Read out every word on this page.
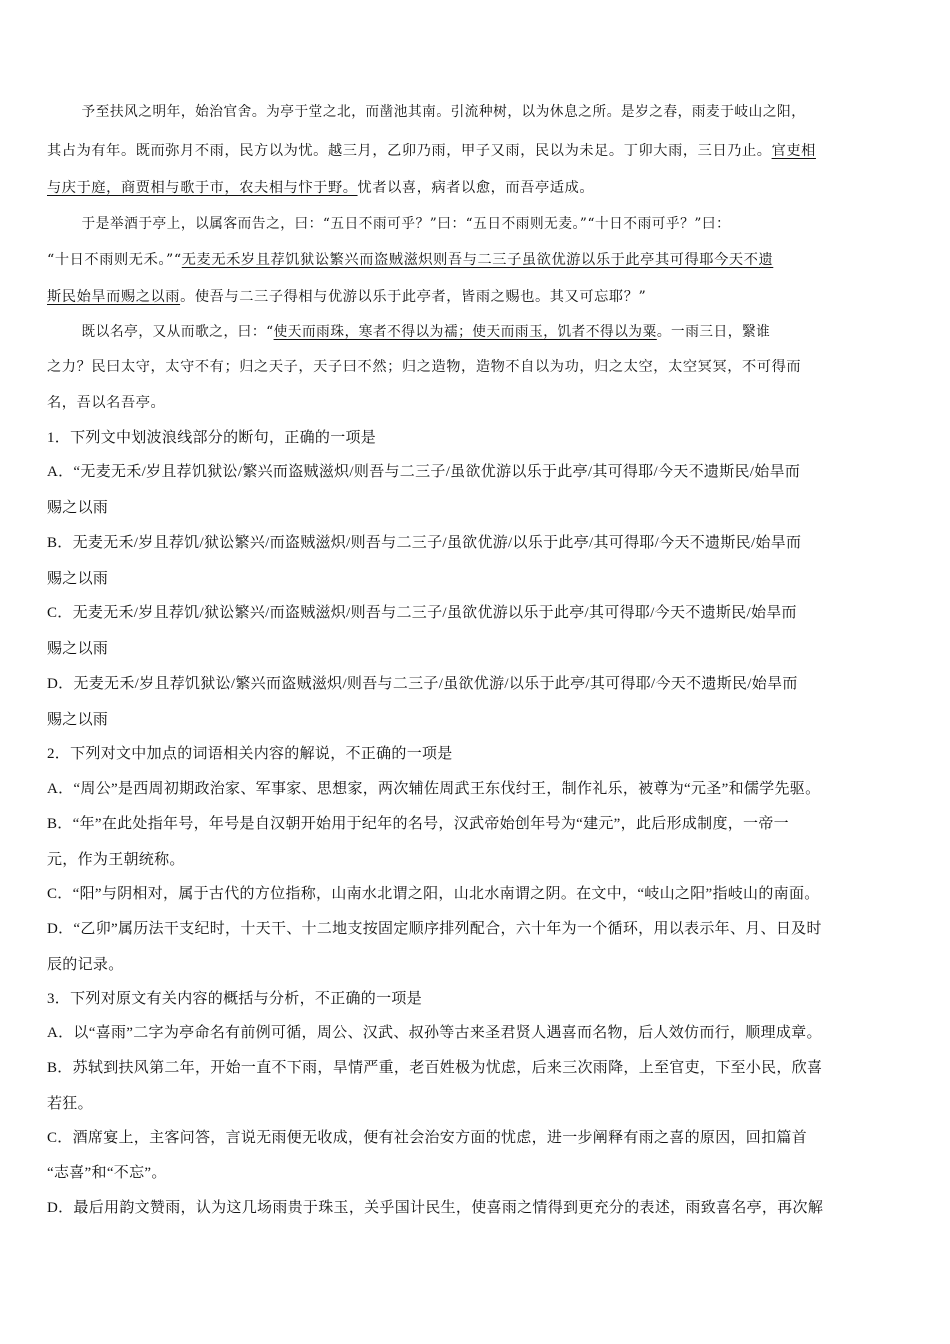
予至扶风之明年，始治官舍。为亭于堂之北，而凿池其南。引流种树，以为休息之所。是岁之春，雨麦于岐山之阳，
其占为有年。既而弥月不雨，民方以为忧。越三月，乙卯乃雨，甲子又雨，民以为未足。丁卯大雨，三日乃止。官吏相
与庆于庭，商贾相与歌于市，农夫相与忭于野。忧者以喜，病者以愈，而吾亭适成。
于是举酒于亭上，以属客而告之，曰：“五日不雨可乎？”曰：“五日不雨则无麦。”“十日不雨可乎？”曰：
“十日不雨则无禾。”“无麦无禾岁且荐饥狱讼繁兴而盗贼滋炽则吾与二三子虽欲优游以乐于此亭其可得耶今天不遗
斯民始旱而赐之以雨。使吾与二三子得相与优游以乐于此亭者，皆雨之赐也。其又可忘耶？”
既以名亭，又从而歌之，曰：“使天而雨珠，寒者不得以为襦；使天而雨玉，饥者不得以为粟。一雨三日，繄谁
之力？民曰太守，太守不有；归之天子，天子曰不然；归之造物，造物不自以为功，归之太空，太空冥冥，不可得而
名，吾以名吾亭。
1．下列文中划波浪线部分的断句，正确的一项是
A．“无麦无禾/岁且荐饥狱讼/繁兴而盗贼滋炽/则吾与二三子/虽欲优游以乐于此亭/其可得耶/今天不遗斯民/始旱而
赐之以雨
B．无麦无禾/岁且荐饥/狱讼繁兴/而盗贼滋炽/则吾与二三子/虽欲优游/以乐于此亭/其可得耶/今天不遗斯民/始旱而
赐之以雨
C．无麦无禾/岁且荐饥/狱讼繁兴/而盗贼滋炽/则吾与二三子/虽欲优游以乐于此亭/其可得耶/今天不遗斯民/始旱而
赐之以雨
D．无麦无禾/岁且荐饥狱讼/繁兴而盗贼滋炽/则吾与二三子/虽欲优游/以乐于此亭/其可得耶/今天不遗斯民/始旱而
赐之以雨
2．下列对文中加点的词语相关内容的解说，不正确的一项是
A．“周公”是西周初期政治家、军事家、思想家，两次辅佐周武王东伐纣王，制作礼乐，被尊为“元圣”和儒学先驱。
B．“年”在此处指年号，年号是自汉朝开始用于纪年的名号，汉武帝始创年号为“建元”，此后形成制度，一帝一
元，作为王朝统称。
C．“阳”与阴相对，属于古代的方位指称，山南水北谓之阳，山北水南谓之阴。在文中，“岐山之阳”指岐山的南面。
D．“乙卯”属历法干支纪时，十天干、十二地支按固定顺序排列配合，六十年为一个循环，用以表示年、月、日及时
辰的记录。
3．下列对原文有关内容的概括与分析，不正确的一项是
A．以“喜雨”二字为亭命名有前例可循，周公、汉武、叔孙等古来圣君贤人遇喜而名物，后人效仿而行，顺理成章。
B．苏轼到扶风第二年，开始一直不下雨，旱情严重，老百姓极为忧虑，后来三次雨降，上至官吏，下至小民，欣喜
若狂。
C．酒席宴上，主客问答，言说无雨便无收成，便有社会治安方面的忧虑，进一步阐释有雨之喜的原因，回扣篇首
“志喜”和“不忘”。
D．最后用韵文赞雨，认为这几场雨贵于珠玉，关乎国计民生，使喜雨之情得到更充分的表述，雨致喜名亭，再次解
